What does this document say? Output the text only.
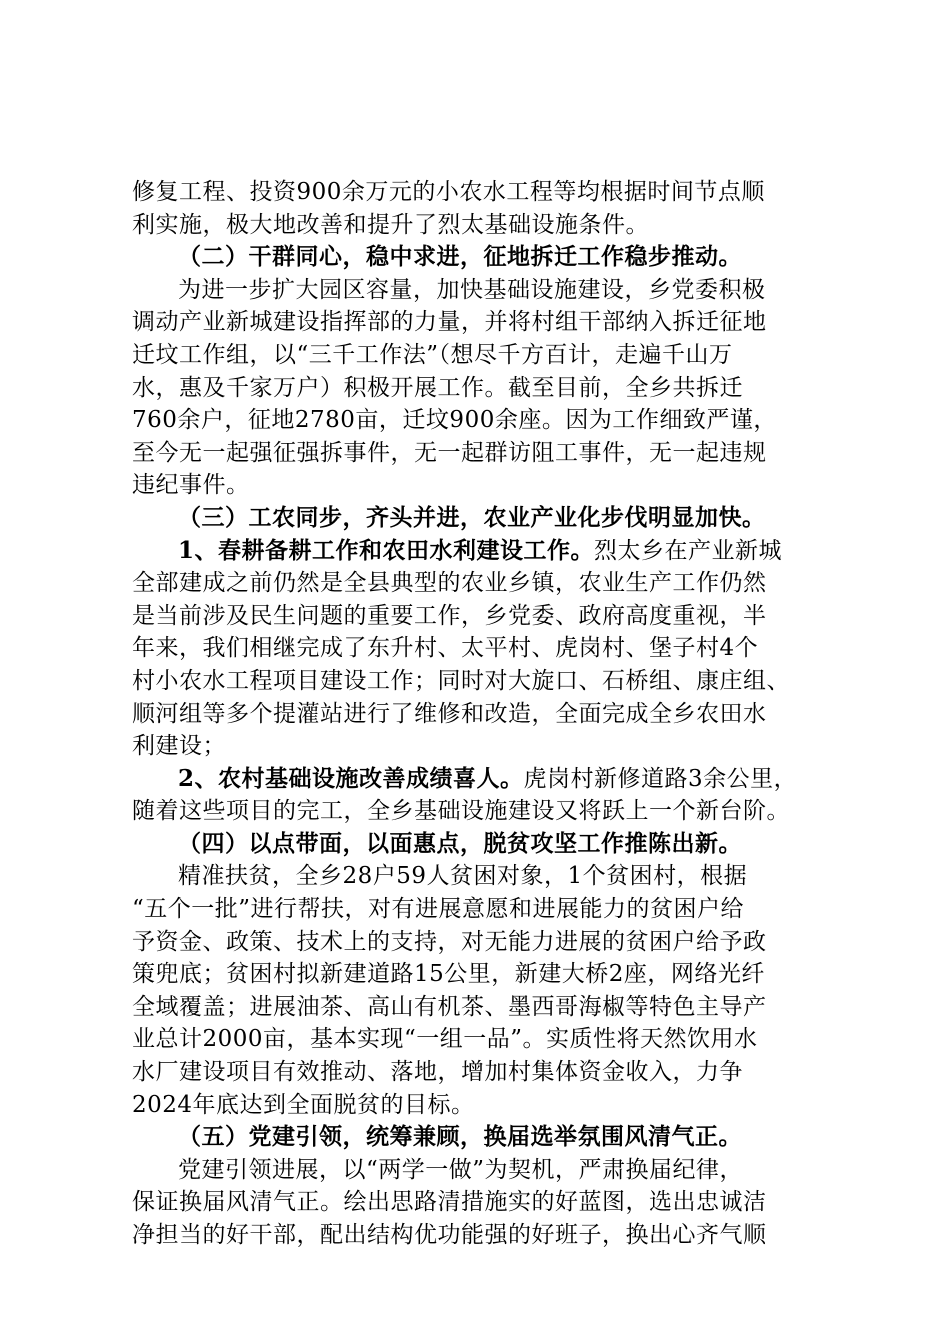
修复工程、投资900余万元的小农水工程等均根据时间节点顺
利实施，极大地改善和提升了烈太基础设施条件。
（二）干群同心，稳中求进，征地拆迁工作稳步推动。
为进一步扩大园区容量，加快基础设施建设，乡党委积极
调动产业新城建设指挥部的力量，并将村组干部纳入拆迁征地
迁坟工作组，以“三千工作法”（想尽千方百计，走遍千山万
水，惠及千家万户）积极开展工作。截至目前，全乡共拆迁
760余户，征地2780亩，迁坟900余座。因为工作细致严谨，
至今无一起强征强拆事件，无一起群访阻工事件，无一起违规
违纪事件。
（三）工农同步，齐头并进，农业产业化步伐明显加快。
1、春耕备耕工作和农田水利建设工作。烈太乡在产业新城
全部建成之前仍然是全县典型的农业乡镇，农业生产工作仍然
是当前涉及民生问题的重要工作，乡党委、政府高度重视，半
年来，我们相继完成了东升村、太平村、虎岗村、堡子村4个
村小农水工程项目建设工作；同时对大旋口、石桥组、康庄组、
顺河组等多个提灌站进行了维修和改造，全面完成全乡农田水
利建设；
2、农村基础设施改善成绩喜人。虎岗村新修道路3余公里，
随着这些项目的完工，全乡基础设施建设又将跃上一个新台阶。
（四）以点带面，以面惠点，脱贫攻坚工作推陈出新。
精准扶贫，全乡28户59人贫困对象，1个贫困村，根据
“五个一批”进行帮扶，对有进展意愿和进展能力的贫困户给
予资金、政策、技术上的支持，对无能力进展的贫困户给予政
策兜底；贫困村拟新建道路15公里，新建大桥2座，网络光纤
全域覆盖；进展油茶、高山有机茶、墨西哥海椒等特色主导产
业总计2000亩，基本实现“一组一品”。实质性将天然饮用水
水厂建设项目有效推动、落地，增加村集体资金收入，力争
2024年底达到全面脱贫的目标。
（五）党建引领，统筹兼顾，换届选举氛围风清气正。
党建引领进展，以“两学一做”为契机，严肃换届纪律，
保证换届风清气正。绘出思路清措施实的好蓝图，选出忠诚洁
净担当的好干部，配出结构优功能强的好班子，换出心齐气顺
